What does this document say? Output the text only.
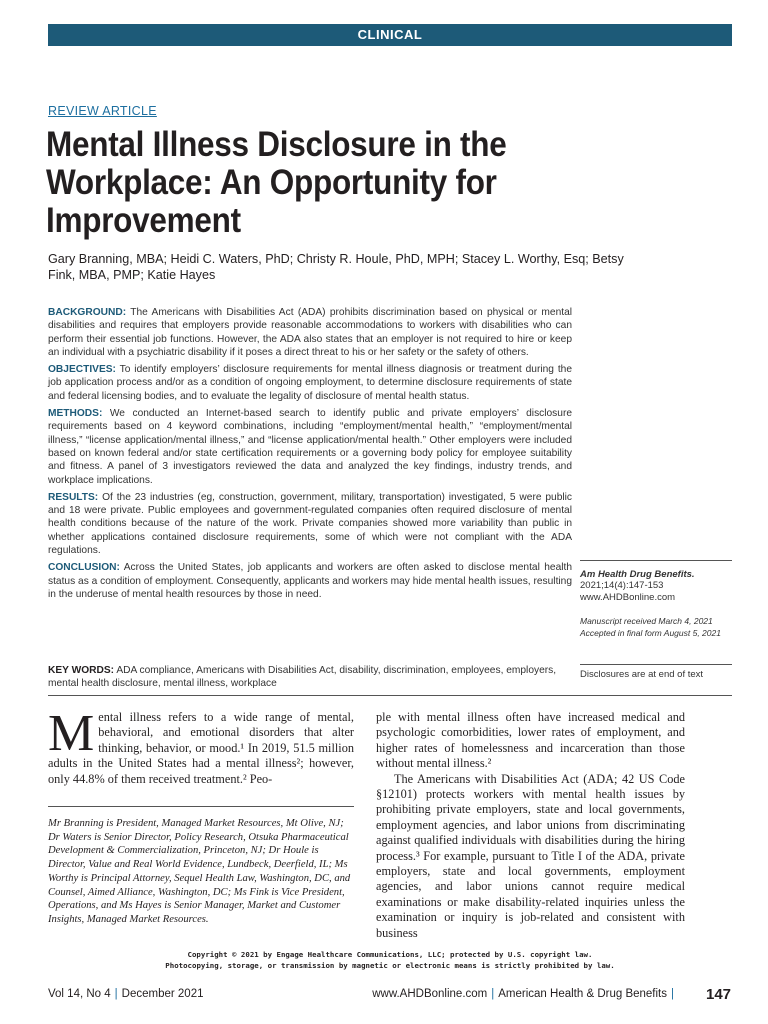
CLINICAL
REVIEW ARTICLE
Mental Illness Disclosure in the Workplace: An Opportunity for Improvement
Gary Branning, MBA; Heidi C. Waters, PhD; Christy R. Houle, PhD, MPH; Stacey L. Worthy, Esq; Betsy Fink, MBA, PMP; Katie Hayes

BACKGROUND: The Americans with Disabilities Act (ADA) prohibits discrimination based on physical or mental disabilities and requires that employers provide reasonable accommodations to workers with disabilities who can perform their essential job functions. However, the ADA also states that an employer is not required to hire or keep an individual with a psychiatric disability if it poses a direct threat to his or her safety or the safety of others.

OBJECTIVES: To identify employers’ disclosure requirements for mental illness diagnosis or treatment during the job application process and/or as a condition of ongoing employment, to determine disclosure requirements of state and federal licensing bodies, and to evaluate the legality of disclosure of mental health status.

METHODS: We conducted an Internet-based search to identify public and private employers’ disclosure requirements based on 4 keyword combinations, including “employment/mental health,” “employment/mental illness,” “license application/mental illness,” and “license application/mental health.” Other employers were included based on known federal and/or state certification requirements or a governing body policy for employee suitability and fitness. A panel of 3 investigators reviewed the data and analyzed the key findings, industry trends, and workplace implications.

RESULTS: Of the 23 industries (eg, construction, government, military, transportation) investigated, 5 were public and 18 were private. Public employees and government-regulated companies often required disclosure of mental health conditions because of the nature of the work. Private companies showed more variability than public in whether applications contained disclosure requirements, some of which were not compliant with the ADA regulations.

CONCLUSION: Across the United States, job applicants and workers are often asked to disclose mental health status as a condition of employment. Consequently, applicants and workers may hide mental health issues, resulting in the underuse of mental health resources by those in need.

Am Health Drug Benefits.
2021;14(4):147-153
www.AHDBonline.com
Manuscript received March 4, 2021
Accepted in final form August 5, 2021
Disclosures are at end of text
KEY WORDS: ADA compliance, Americans with Disabilities Act, disability, discrimination, employees, employers, mental health disclosure, mental illness, workplace
M ental illness refers to a wide range of mental, behavioral, and emotional disorders that alter thinking, behavior, or mood.¹ In 2019, 51.5 million adults in the United States had a mental illness²; however, only 44.8% of them received treatment.² Peo-

Mr Branning is President, Managed Market Resources, Mt Olive, NJ; Dr Waters is Senior Director, Policy Research, Otsuka Pharmaceutical Development & Commercialization, Princeton, NJ; Dr Houle is Director, Value and Real World Evidence, Lundbeck, Deerfield, IL; Ms Worthy is Principal Attorney, Sequel Health Law, Washington, DC, and Counsel, Aimed Alliance, Washington, DC; Ms Fink is Vice President, Operations, and Ms Hayes is Senior Manager, Market and Customer Insights, Managed Market Resources.

ple with mental illness often have increased medical and psychologic comorbidities, lower rates of employment, and higher rates of homelessness and incarceration than those without mental illness.²

The Americans with Disabilities Act (ADA; 42 US Code §12101) protects workers with mental health issues by prohibiting private employers, state and local governments, employment agencies, and labor unions from discriminating against qualified individuals with disabilities during the hiring process.³ For example, pursuant to Title I of the ADA, private employers, state and local governments, employment agencies, and labor unions cannot require medical examinations or make disability-related inquiries unless the examination or inquiry is job-related and consistent with business

Copyright © 2021 by Engage Healthcare Communications, LLC; protected by U.S. copyright law.
Photocopying, storage, or transmission by magnetic or electronic means is strictly prohibited by law.
Vol 14, No 4 | December 2021	www.AHDBonline.com | American Health & Drug Benefits | 147
